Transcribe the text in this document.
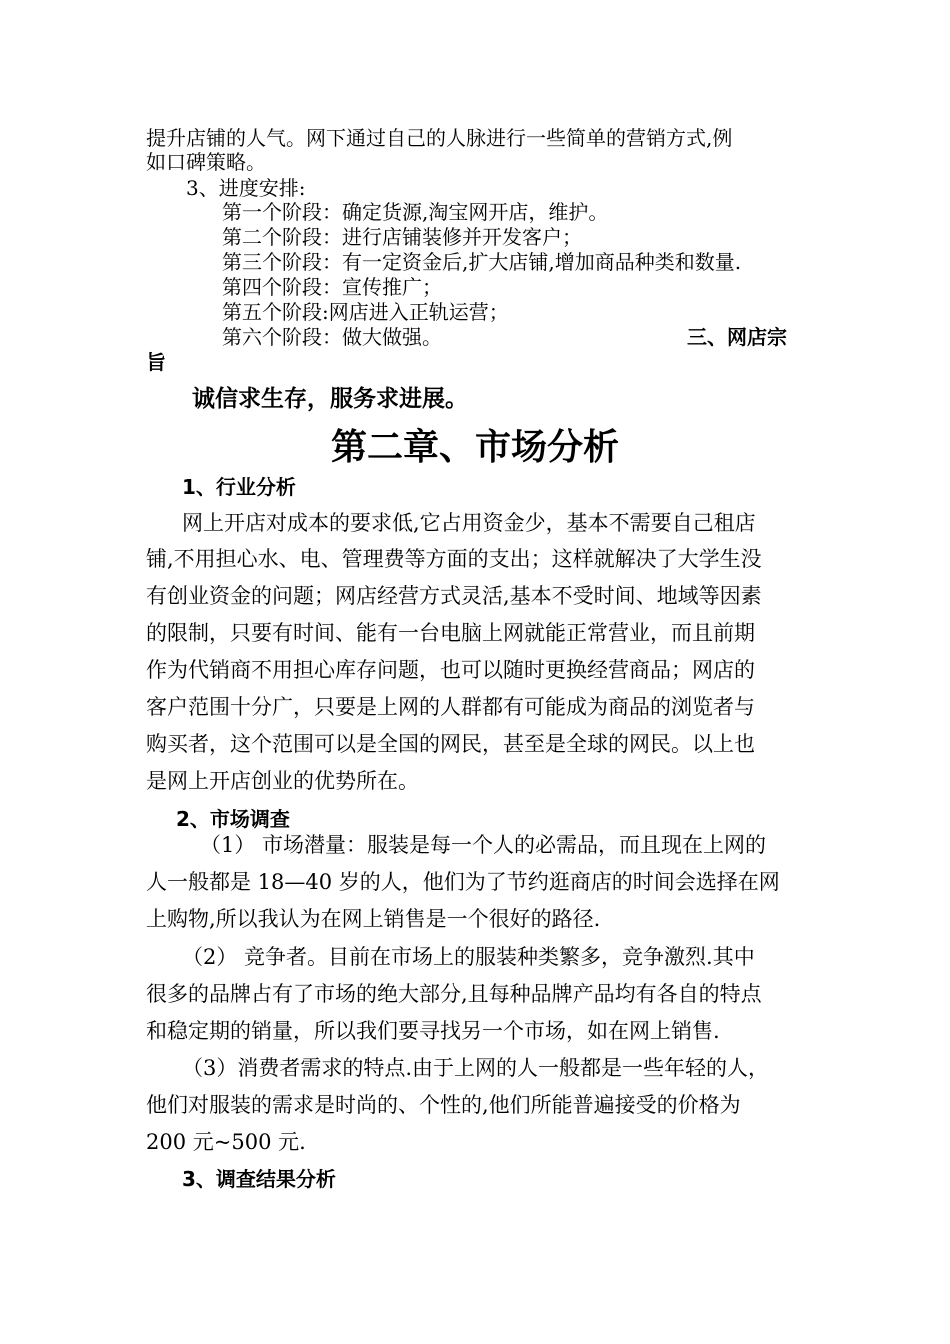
提升店铺的人气。网下通过自己的人脉进行一些简单的营销方式,例
如口碑策略。
3、进度安排:
第一个阶段：确定货源,淘宝网开店，维护。
第二个阶段：进行店铺装修并开发客户；
第三个阶段：有一定资金后,扩大店铺,增加商品种类和数量.
第四个阶段：宣传推广；
第五个阶段:网店进入正轨运营；
第六个阶段：做大做强。	三、网店宗
旨
诚信求生存，服务求进展。
第二章、市场分析
1、行业分析
网上开店对成本的要求低,它占用资金少，基本不需要自己租店
铺,不用担心水、电、管理费等方面的支出；这样就解决了大学生没
有创业资金的问题；网店经营方式灵活,基本不受时间、地域等因素
的限制，只要有时间、能有一台电脑上网就能正常营业，而且前期
作为代销商不用担心库存问题，也可以随时更换经营商品；网店的
客户范围十分广，只要是上网的人群都有可能成为商品的浏览者与
购买者，这个范围可以是全国的网民，甚至是全球的网民。以上也
是网上开店创业的优势所在。
2、市场调查
（1） 市场潜量：服装是每一个人的必需品，而且现在上网的
人一般都是 18—40 岁的人，他们为了节约逛商店的时间会选择在网
上购物,所以我认为在网上销售是一个很好的路径.
（2） 竞争者。目前在市场上的服装种类繁多，竞争激烈.其中
很多的品牌占有了市场的绝大部分,且每种品牌产品均有各自的特点
和稳定期的销量，所以我们要寻找另一个市场，如在网上销售.
（3）消费者需求的特点.由于上网的人一般都是一些年轻的人，
他们对服装的需求是时尚的、个性的,他们所能普遍接受的价格为
200 元~500 元.
3、调查结果分析
